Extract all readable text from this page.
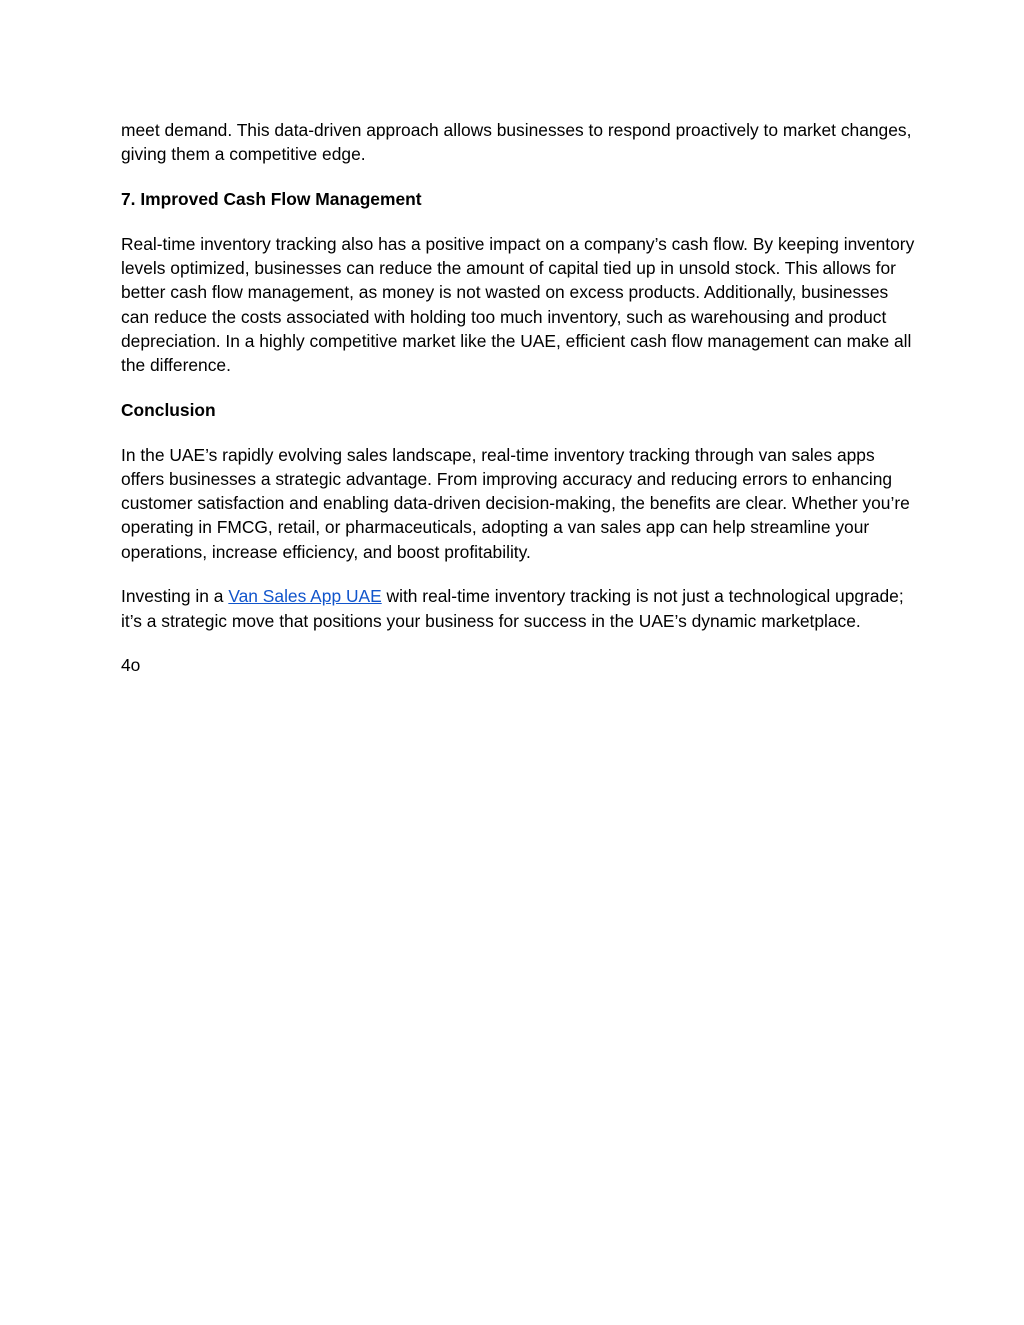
meet demand. This data-driven approach allows businesses to respond proactively to market changes, giving them a competitive edge.

7. Improved Cash Flow Management

Real-time inventory tracking also has a positive impact on a company’s cash flow. By keeping inventory levels optimized, businesses can reduce the amount of capital tied up in unsold stock. This allows for better cash flow management, as money is not wasted on excess products. Additionally, businesses can reduce the costs associated with holding too much inventory, such as warehousing and product depreciation. In a highly competitive market like the UAE, efficient cash flow management can make all the difference.

Conclusion

In the UAE’s rapidly evolving sales landscape, real-time inventory tracking through van sales apps offers businesses a strategic advantage. From improving accuracy and reducing errors to enhancing customer satisfaction and enabling data-driven decision-making, the benefits are clear. Whether you’re operating in FMCG, retail, or pharmaceuticals, adopting a van sales app can help streamline your operations, increase efficiency, and boost profitability.

Investing in a Van Sales App UAE with real-time inventory tracking is not just a technological upgrade; it’s a strategic move that positions your business for success in the UAE’s dynamic marketplace.

4o
